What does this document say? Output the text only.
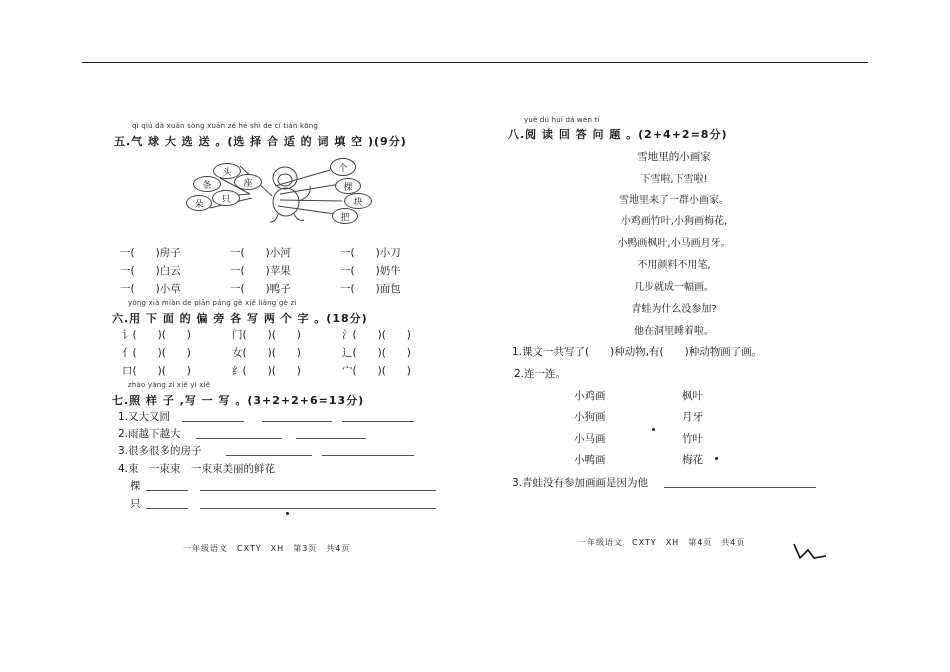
qì qiú dà xuǎn sòng xuǎn zé hé shì de cí tián kōng
五.气 球 大 选 送 。(选 择 合 适 的 词 填 空 )(9分)
头
座
个
条
只
棵
朵	块
把
一(　　)房子	一(　　)小河	一(　　)小刀
一(　　)白云	一(　　)苹果	一(　　)奶牛
一(　　)小草	一(　　)鸭子	一(　　)面包
yòng xià miàn de piān páng gè xiě liǎng gè zì
六.用 下 面 的 偏 旁 各 写 两 个 字 。(18分)
讠(　　)(　　)	门(　　)(　　)	氵(　　)(　　)
亻(　　)(　　)	女(　　)(　　)	辶(　　)(　　)
口(　　)(　　)	纟(　　)(　　)	宀(　　)(　　)
zhào yàng zi xiě yi xiě
七.照 样 子 ,写 一 写 。(3+2+2+6=13分)
1.又大又圆
2.雨越下越大
3.很多很多的房子
4.束　一束束　一束束美丽的鲜花
棵
只
一年级语文　CXTY　XH　第3页　共4页
yuè dú huí dá wèn tí
八.阅 读 回 答 问 题 。(2+4+2=8分)
雪地里的小画家
下雪啦,下雪啦!
雪地里来了一群小画家。
小鸡画竹叶,小狗画梅花,
小鸭画枫叶,小马画月牙。
不用颜料不用笔,
几步就成一幅画。
青蛙为什么没参加?
他在洞里睡着啦。
1.课文一共写了(　　)种动物,有(　　)种动物画了画。
2.连一连。
小鸡画
小狗画
小马画
小鸭画
枫叶
月牙
竹叶
梅花
3.青蛙没有参加画画是因为他
一年级语文　CXTY　XH　第4页　共4页
